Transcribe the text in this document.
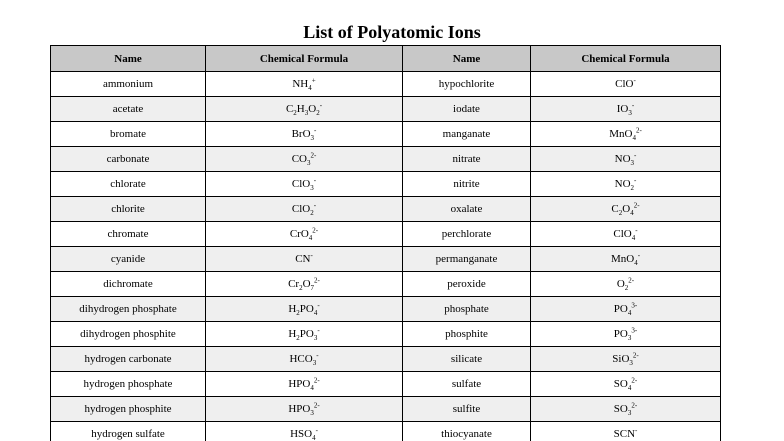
List of Polyatomic Ions
Name	Chemical Formula	Name	Chemical Formula
ammonium	$NH_4^+$	hypochlorite	ClO-
acetate	$C_2H_3O_2^-$	iodate	$IO_3^-$
bromate	BrO$_3$-	manganate	MnO$_4^{2-}$
carbonate	$CO_3^{2-}$	nitrate	$NO_3^-$
chlorate	ClO$_3$-	nitrite	$NO_2^-$
chlorite	ClO$_2$-	oxalate	$C_2O_4^{2-}$
chromate	CrO$_4^{2-}$	perchlorate	ClO$_4$-
cyanide	CN-	permanganate	MnO$_4$-
dichromate	$Cr_2O_7^{2-}$	peroxide	$O_2^{2-}$
dihydrogen phosphate	$H_2PO_4^-$	phosphate	$PO_4^{3-}$
dihydrogen phosphite	$H_2PO_3^-$	phosphite	$PO_3^{3-}$
hydrogen carbonate	$HCO_3^-$	silicate	SiO$_3^{2-}$
hydrogen phosphate	$HPO_4^{2-}$	sulfate	$SO_4^{2-}$
hydrogen phosphite	$HPO_3^{2-}$	sulfite	$SO_3^{2-}$
hydrogen sulfate	$HSO_4^-$	thiocyanate	SCN-
